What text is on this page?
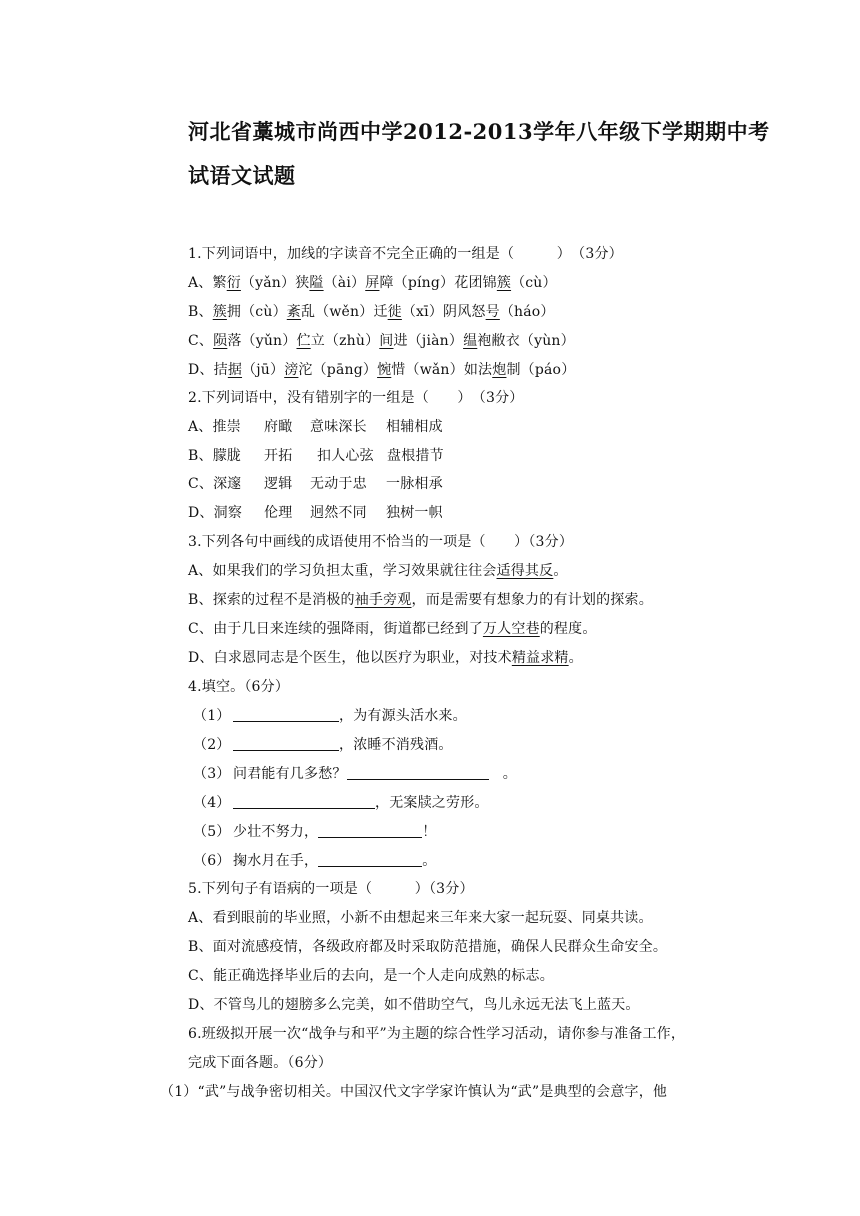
河北省藁城市尚西中学2012-2013学年八年级下学期期中考
试语文试题
1.下列词语中，加线的字读音不完全正确的一组是（　　　）　（3分）
A、繁衍（yǎn）狭隘（ài）屏障（píng）花团锦簇（cù）
B、簇拥（cù）紊乱（wěn）迁徙（xī）阴风怒号（háo）
C、陨落（yǔn）伫立（zhù）间进（jiàn）缊袍敝衣（yùn）
D、拮据（jū）滂沱（pāng）惋惜（wǎn）如法炮制（páo）
2.下列词语中，没有错别字的一组是（　　）　（3分）
A、推崇 府瞰 意味深长 相辅相成
B、朦胧 开拓 扣人心弦 盘根措节
C、深邃 逻辑 无动于忠 一脉相承
D、洞察 伦理 迥然不同 独树一帜
3.下列各句中画线的成语使用不恰当的一项是（　　）（3分）
A、如果我们的学习负担太重，学习效果就往往会适得其反。
B、探索的过程不是消极的袖手旁观，而是需要有想象力的有计划的探索。
C、由于几日来连续的强降雨，街道都已经到了万人空巷的程度。
D、白求恩同志是个医生，他以医疗为职业，对技术精益求精。
4.填空。（6分）
（1）	，为有源头活水来。
（2）	，浓睡不消残酒。
（3） 问君能有几多愁？	　。
（4）	，无案牍之劳形。
（5） 少壮不努力，	！
（6） 掬水月在手，	。
5.下列句子有语病的一项是（　　　）（3分）
A、看到眼前的毕业照，小新不由想起来三年来大家一起玩耍、同桌共读。
B、面对流感疫情，各级政府都及时采取防范措施，确保人民群众生命安全。
C、能正确选择毕业后的去向，是一个人走向成熟的标志。
D、不管鸟儿的翅膀多么完美，如不借助空气，鸟儿永远无法飞上蓝天。
6.班级拟开展一次“战争与和平”为主题的综合性学习活动，请你参与准备工作，
完成下面各题。（6分）
（1）“武”与战争密切相关。中国汉代文字学家许慎认为“武”是典型的会意字，他
